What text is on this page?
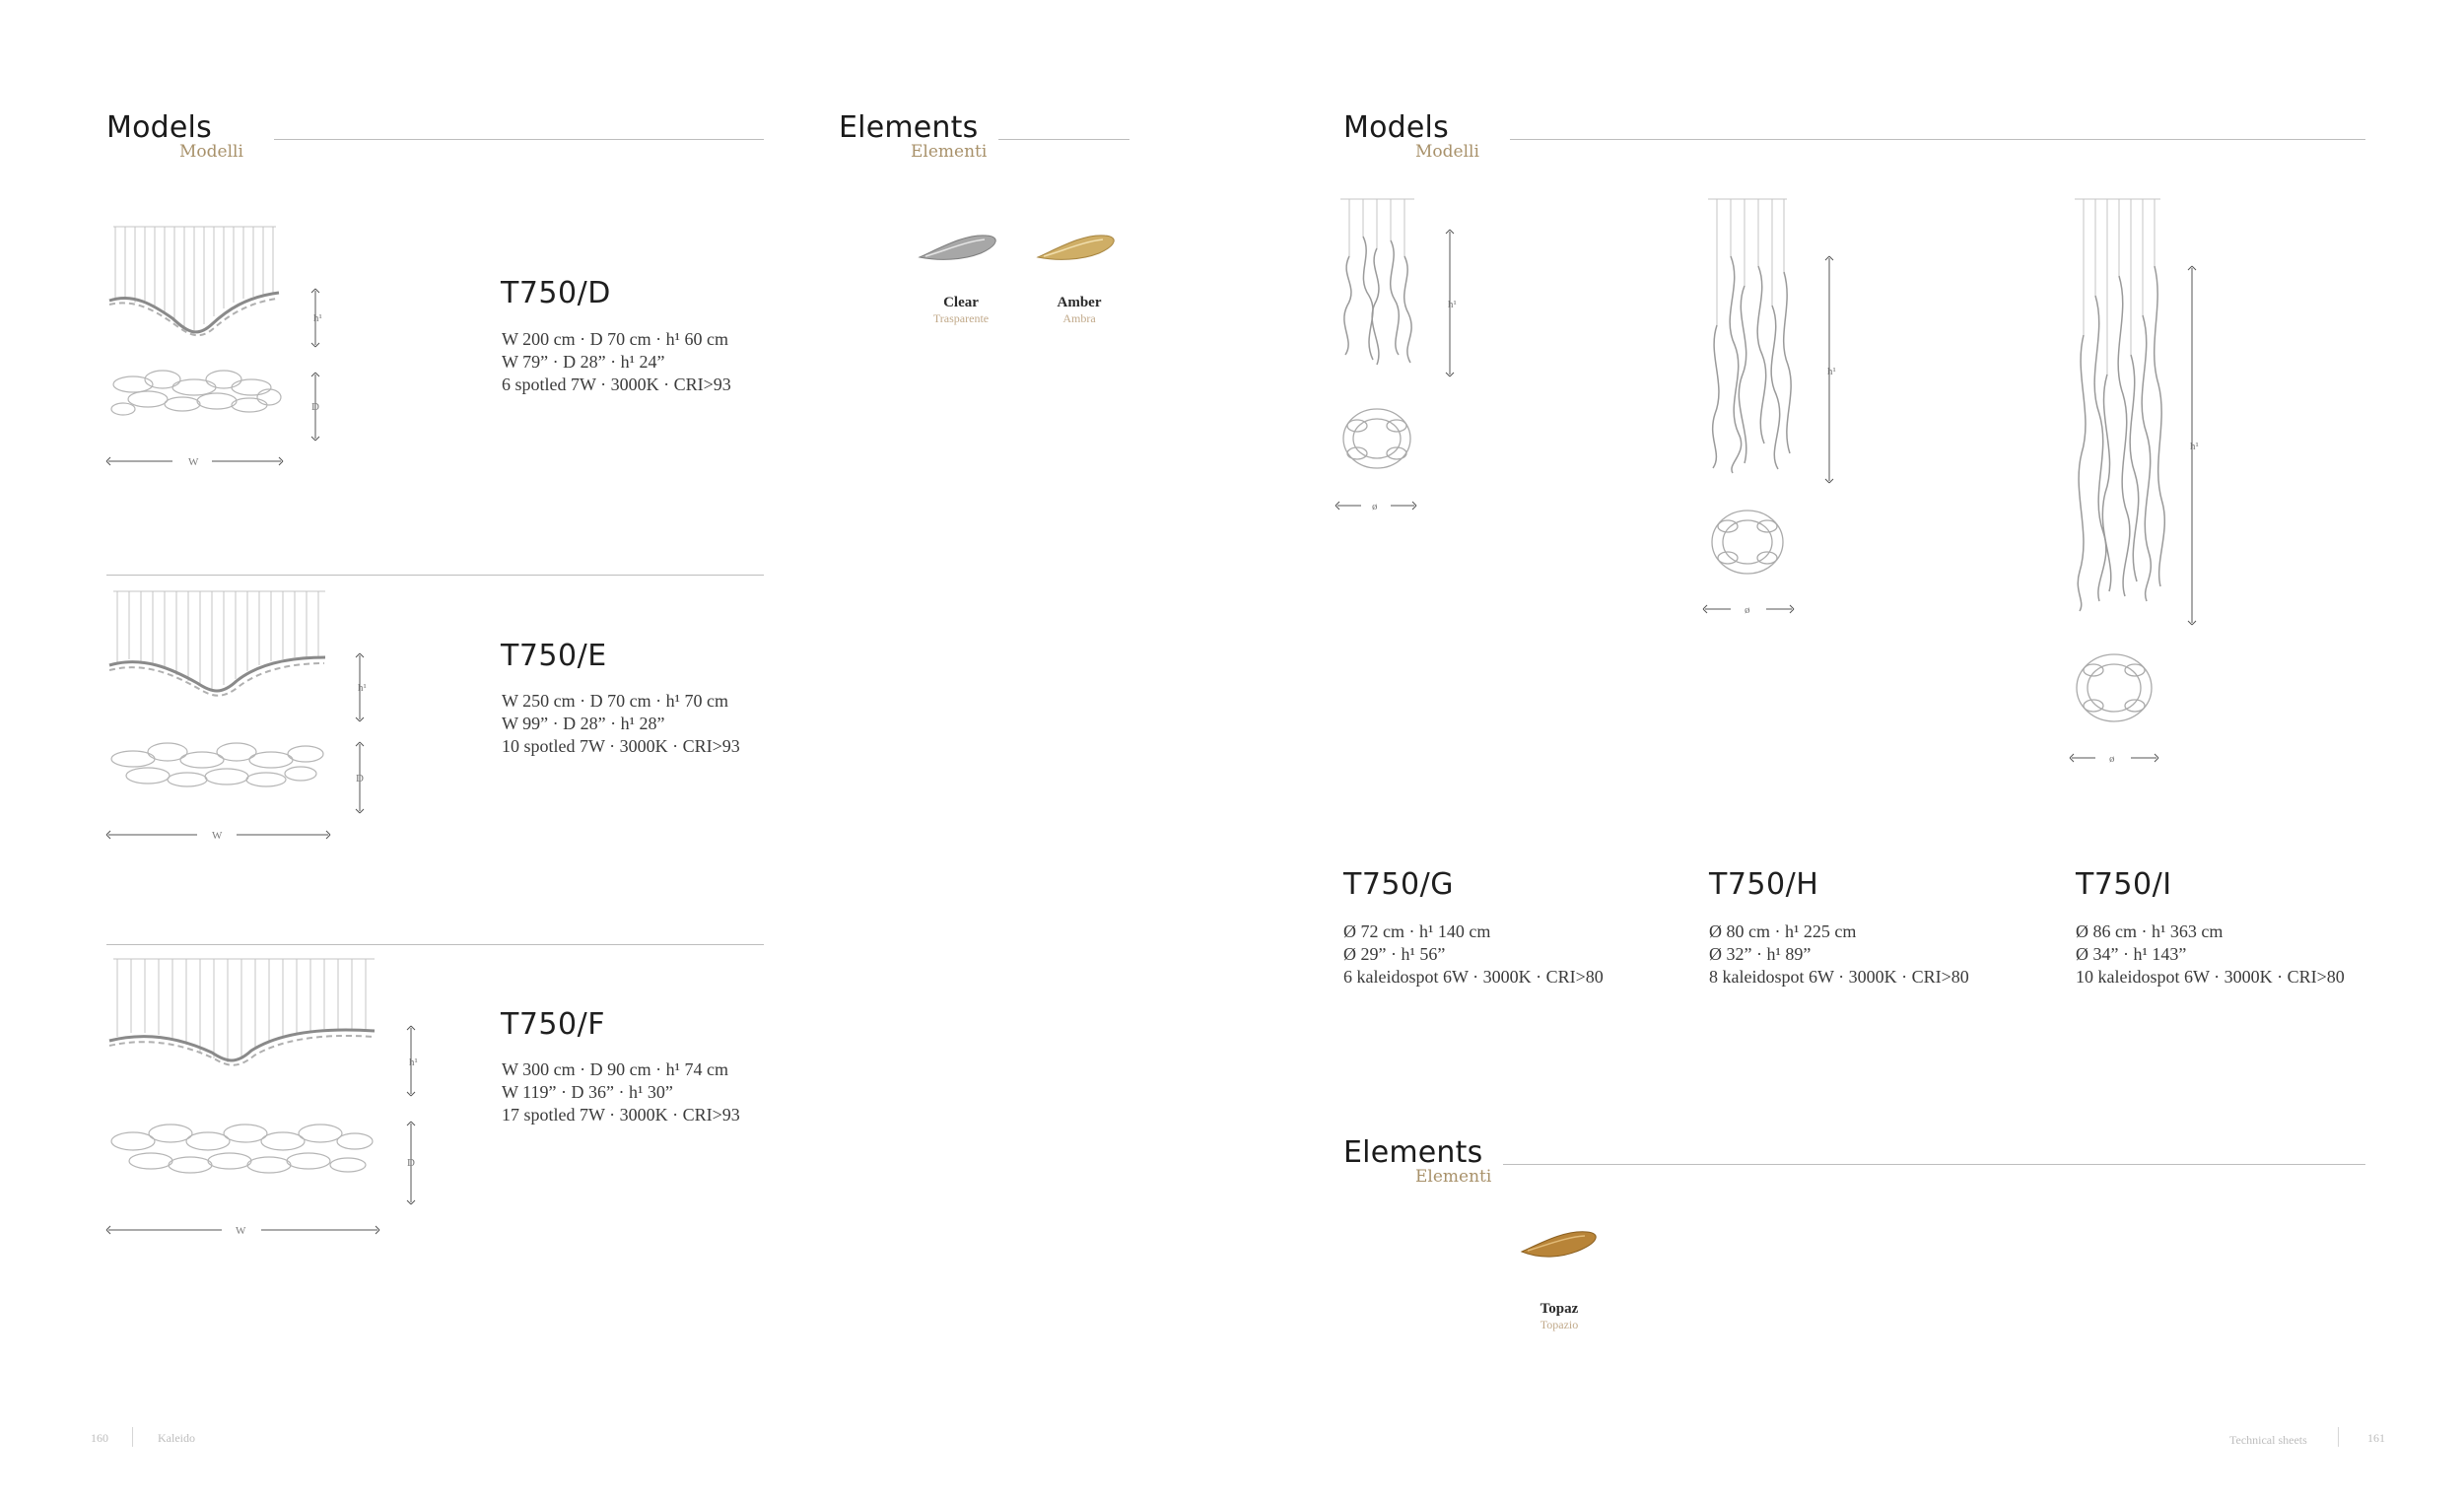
Models
Modelli
Elements
Elementi
Clear
Trasparente
Amber
Ambra
h¹
D
W
T750/D
W 200 cm · D 70 cm · h¹ 60 cm
W 79” · D 28” · h¹ 24”
6 spotled 7W · 3000K · CRI>93
h¹
D
W
T750/E
W 250 cm · D 70 cm · h¹ 70 cm
W 99” · D 28” · h¹ 28”
10 spotled 7W · 3000K · CRI>93
h¹
D
W
T750/F
W 300 cm · D 90 cm · h¹ 74 cm
W 119” · D 36” · h¹ 30”
17 spotled 7W · 3000K · CRI>93
160	Kaleido
Models
Modelli
h¹
ø
h¹
ø
h¹
ø
T750/G
Ø 72 cm · h¹ 140 cm
Ø 29” · h¹ 56”
6 kaleidospot 6W · 3000K · CRI>80
T750/H
Ø 80 cm · h¹ 225 cm
Ø 32” · h¹ 89”
8 kaleidospot 6W · 3000K · CRI>80
T750/I
Ø 86 cm · h¹ 363 cm
Ø 34” · h¹ 143”
10 kaleidospot 6W · 3000K · CRI>80
Elements
Elementi
Topaz
Topazio
Technical sheets	161
